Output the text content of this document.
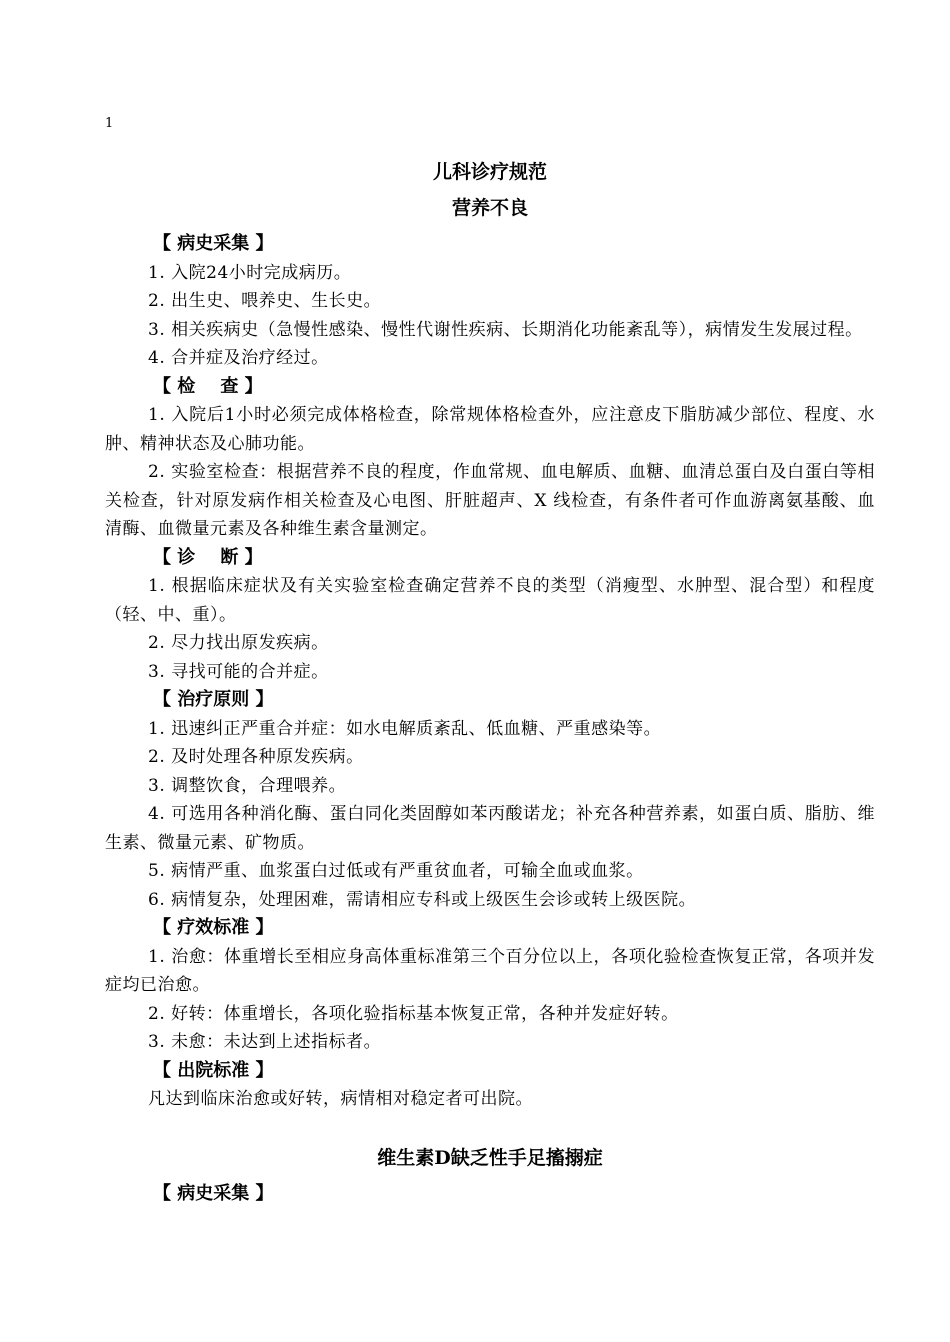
1
儿科诊疗规范
营养不良
【 病史采集 】

1. 入院24小时完成病历。

2. 出生史、喂养史、生长史。

3. 相关疾病史（急慢性感染、慢性代谢性疾病、长期消化功能紊乱等），病情发生发展过程。

4. 合并症及治疗经过。

【 检    查 】

1. 入院后1小时必须完成体格检查，除常规体格检查外，应注意皮下脂肪减少部位、程度、水肿、精神状态及心肺功能。

2. 实验室检查：根据营养不良的程度，作血常规、血电解质、血糖、血清总蛋白及白蛋白等相关检查，针对原发病作相关检查及心电图、肝脏超声、X 线检查，有条件者可作血游离氨基酸、血清酶、血微量元素及各种维生素含量测定。

【 诊    断 】

1. 根据临床症状及有关实验室检查确定营养不良的类型（消瘦型、水肿型、混合型）和程度（轻、中、重）。

2. 尽力找出原发疾病。

3. 寻找可能的合并症。

【 治疗原则 】

1. 迅速纠正严重合并症：如水电解质紊乱、低血糖、严重感染等。

2. 及时处理各种原发疾病。

3. 调整饮食，合理喂养。

4. 可选用各种消化酶、蛋白同化类固醇如苯丙酸诺龙；补充各种营养素，如蛋白质、脂肪、维生素、微量元素、矿物质。

5. 病情严重、血浆蛋白过低或有严重贫血者，可输全血或血浆。

6. 病情复杂，处理困难，需请相应专科或上级医生会诊或转上级医院。

【 疗效标准 】

1. 治愈：体重增长至相应身高体重标准第三个百分位以上，各项化验检查恢复正常，各项并发症均已治愈。

2. 好转：体重增长，各项化验指标基本恢复正常，各种并发症好转。

3. 未愈：未达到上述指标者。

【 出院标准 】

凡达到临床治愈或好转，病情相对稳定者可出院。

维生素D缺乏性手足搐搦症
【 病史采集 】
